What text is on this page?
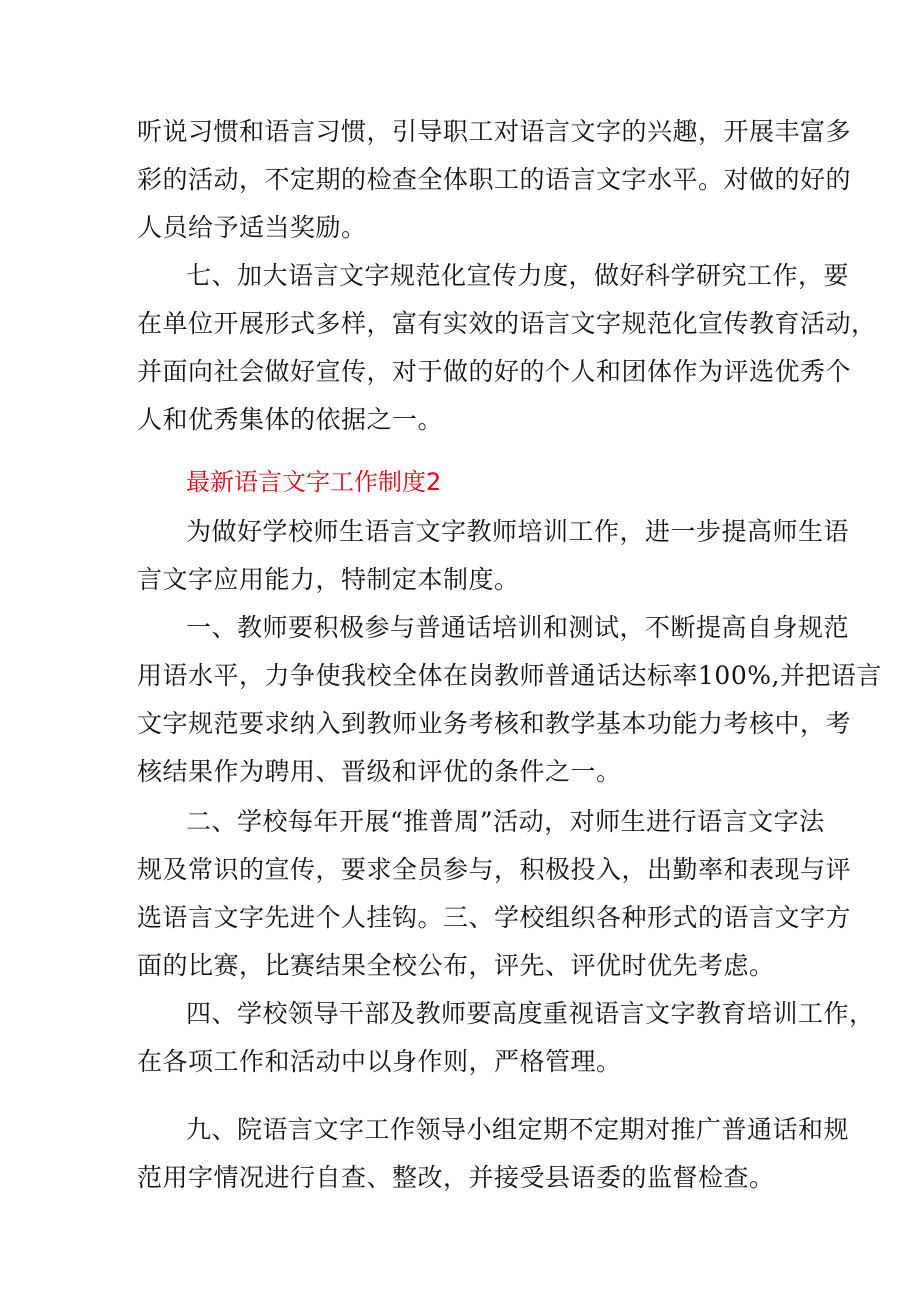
听说习惯和语言习惯，引导职工对语言文字的兴趣，开展丰富多
彩的活动，不定期的检查全体职工的语言文字水平。对做的好的
人员给予适当奖励。
七、加大语言文字规范化宣传力度，做好科学研究工作，要
在单位开展形式多样，富有实效的语言文字规范化宣传教育活动，
并面向社会做好宣传，对于做的好的个人和团体作为评选优秀个
人和优秀集体的依据之一。
最新语言文字工作制度2
为做好学校师生语言文字教师培训工作，进一步提高师生语
言文字应用能力，特制定本制度。
一、教师要积极参与普通话培训和测试，不断提高自身规范
用语水平，力争使我校全体在岗教师普通话达标率100%,并把语言
文字规范要求纳入到教师业务考核和教学基本功能力考核中，考
核结果作为聘用、晋级和评优的条件之一。
二、学校每年开展“推普周”活动，对师生进行语言文字法
规及常识的宣传，要求全员参与，积极投入，出勤率和表现与评
选语言文字先进个人挂钩。三、学校组织各种形式的语言文字方
面的比赛，比赛结果全校公布，评先、评优时优先考虑。
四、学校领导干部及教师要高度重视语言文字教育培训工作，
在各项工作和活动中以身作则，严格管理。
九、院语言文字工作领导小组定期不定期对推广普通话和规
范用字情况进行自查、整改，并接受县语委的监督检查。
